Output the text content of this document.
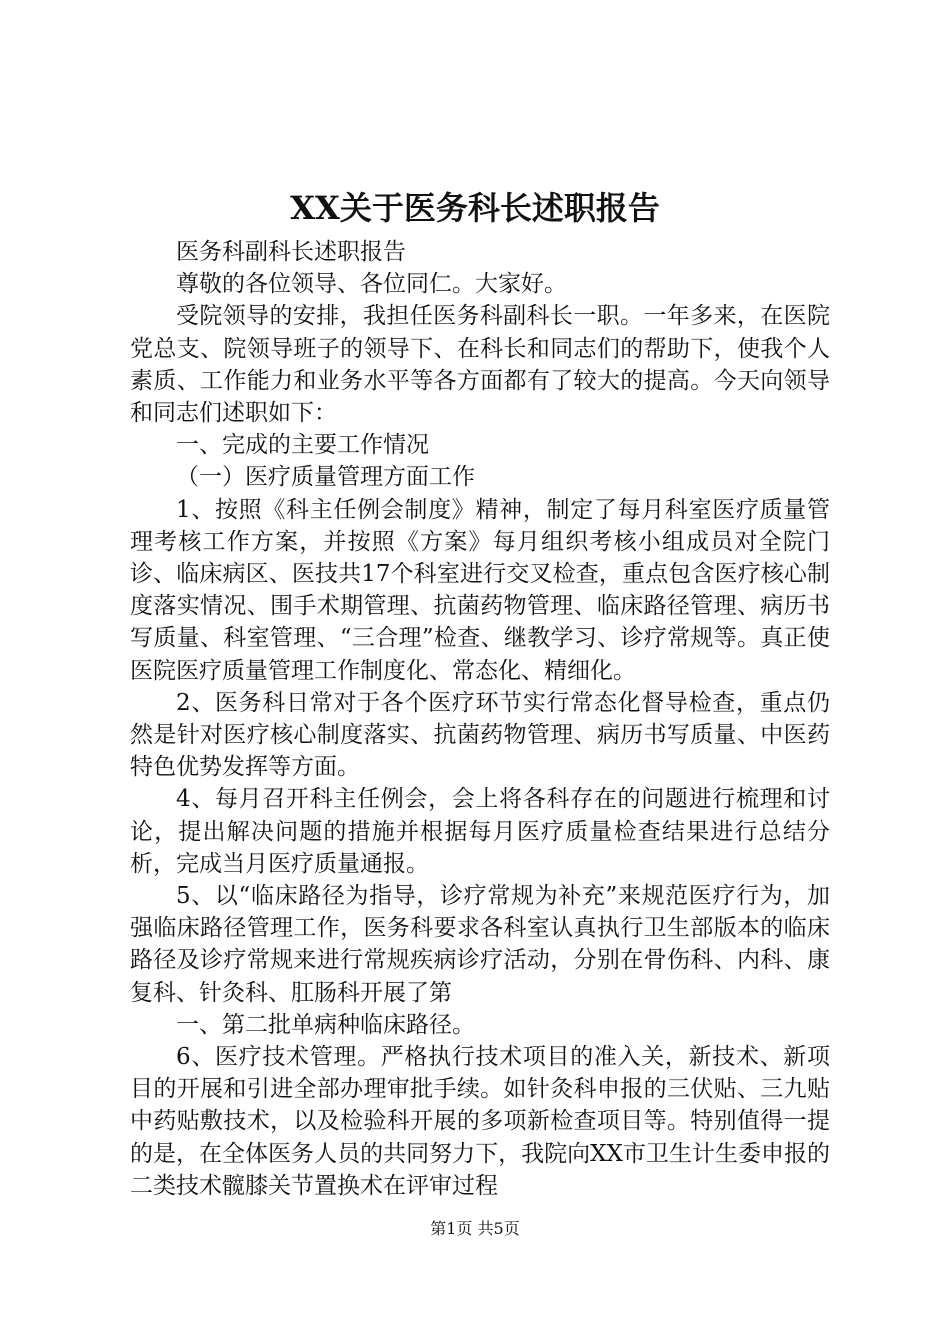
XX关于医务科长述职报告

医务科副科长述职报告

尊敬的各位领导、各位同仁。大家好。

受院领导的安排，我担任医务科副科长一职。一年多来，在医院党总支、院领导班子的领导下、在科长和同志们的帮助下，使我个人素质、工作能力和业务水平等各方面都有了较大的提高。今天向领导和同志们述职如下：

一、完成的主要工作情况

（一）医疗质量管理方面工作

1、按照《科主任例会制度》精神，制定了每月科室医疗质量管理考核工作方案，并按照《方案》每月组织考核小组成员对全院门诊、临床病区、医技共17个科室进行交叉检查，重点包含医疗核心制度落实情况、围手术期管理、抗菌药物管理、临床路径管理、病历书写质量、科室管理、“三合理”检查、继教学习、诊疗常规等。真正使医院医疗质量管理工作制度化、常态化、精细化。

2、医务科日常对于各个医疗环节实行常态化督导检查，重点仍然是针对医疗核心制度落实、抗菌药物管理、病历书写质量、中医药特色优势发挥等方面。

4、每月召开科主任例会，会上将各科存在的问题进行梳理和讨论，提出解决问题的措施并根据每月医疗质量检查结果进行总结分析，完成当月医疗质量通报。

5、以“临床路径为指导，诊疗常规为补充”来规范医疗行为，加强临床路径管理工作，医务科要求各科室认真执行卫生部版本的临床路径及诊疗常规来进行常规疾病诊疗活动，分别在骨伤科、内科、康复科、针灸科、肛肠科开展了第

一、第二批单病种临床路径。

6、医疗技术管理。严格执行技术项目的准入关，新技术、新项目的开展和引进全部办理审批手续。如针灸科申报的三伏贴、三九贴中药贴敷技术，以及检验科开展的多项新检查项目等。特别值得一提的是，在全体医务人员的共同努力下，我院向XX市卫生计生委申报的二类技术髋膝关节置换术在评审过程

第1页 共5页
